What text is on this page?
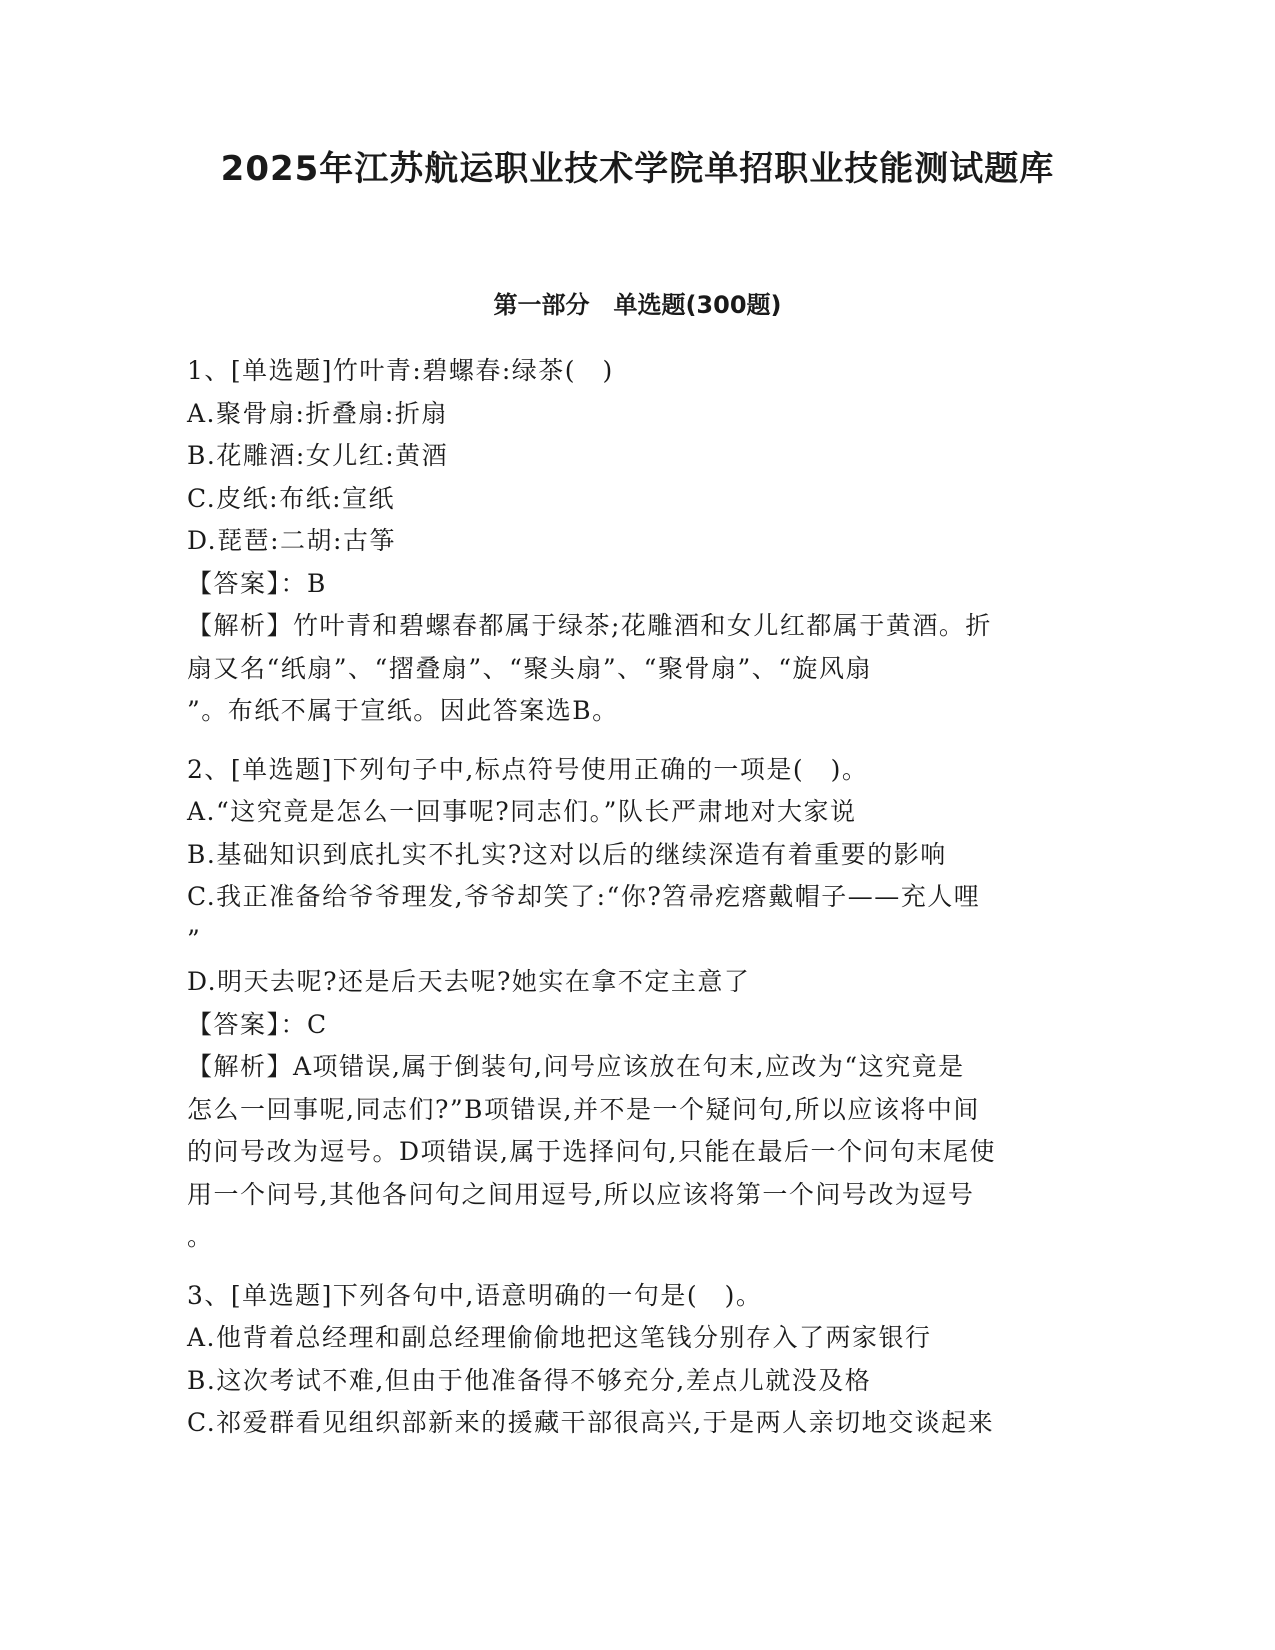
2025年江苏航运职业技术学院单招职业技能测试题库
第一部分　单选题(300题)
1、[单选题]竹叶青:碧螺春:绿茶(　)
A.聚骨扇:折叠扇:折扇
B.花雕酒:女儿红:黄酒
C.皮纸:布纸:宣纸
D.琵琶:二胡:古筝
【答案】：B
【解析】竹叶青和碧螺春都属于绿茶;花雕酒和女儿红都属于黄酒。折
扇又名“纸扇”、“摺叠扇”、“聚头扇”、“聚骨扇”、“旋风扇
”。布纸不属于宣纸。因此答案选B。
2、[单选题]下列句子中,标点符号使用正确的一项是(　)。
A.“这究竟是怎么一回事呢?同志们。”队长严肃地对大家说
B.基础知识到底扎实不扎实?这对以后的继续深造有着重要的影响
C.我正准备给爷爷理发,爷爷却笑了:“你?笤帚疙瘩戴帽子——充人哩
”
D.明天去呢?还是后天去呢?她实在拿不定主意了
【答案】：C
【解析】A项错误,属于倒装句,问号应该放在句末,应改为“这究竟是
怎么一回事呢,同志们?”B项错误,并不是一个疑问句,所以应该将中间
的问号改为逗号。D项错误,属于选择问句,只能在最后一个问句末尾使
用一个问号,其他各问句之间用逗号,所以应该将第一个问号改为逗号
。
3、[单选题]下列各句中,语意明确的一句是(　)。
A.他背着总经理和副总经理偷偷地把这笔钱分别存入了两家银行
B.这次考试不难,但由于他准备得不够充分,差点儿就没及格
C.祁爱群看见组织部新来的援藏干部很高兴,于是两人亲切地交谈起来
